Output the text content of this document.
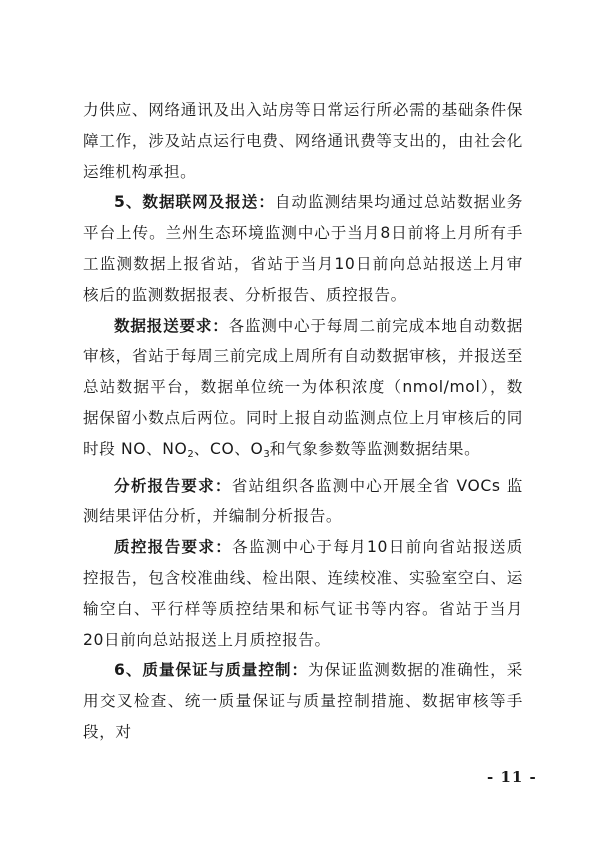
力供应、网络通讯及出入站房等日常运行所必需的基础条件保障工作，涉及站点运行电费、网络通讯费等支出的，由社会化运维机构承担。

5、数据联网及报送：自动监测结果均通过总站数据业务平台上传。兰州生态环境监测中心于当月8日前将上月所有手工监测数据上报省站，省站于当月10日前向总站报送上月审核后的监测数据报表、分析报告、质控报告。

数据报送要求：各监测中心于每周二前完成本地自动数据审核，省站于每周三前完成上周所有自动数据审核，并报送至总站数据平台，数据单位统一为体积浓度（nmol/mol），数据保留小数点后两位。同时上报自动监测点位上月审核后的同时段 NO、$NO_2$、CO、$O_3$和气象参数等监测数据结果。

分析报告要求：省站组织各监测中心开展全省 VOCs 监测结果评估分析，并编制分析报告。

质控报告要求：各监测中心于每月10日前向省站报送质控报告，包含校准曲线、检出限、连续校准、实验室空白、运输空白、平行样等质控结果和标气证书等内容。省站于当月20日前向总站报送上月质控报告。

6、质量保证与质量控制：为保证监测数据的准确性，采用交叉检查、统一质量保证与质量控制措施、数据审核等手段，对

- 11 -
